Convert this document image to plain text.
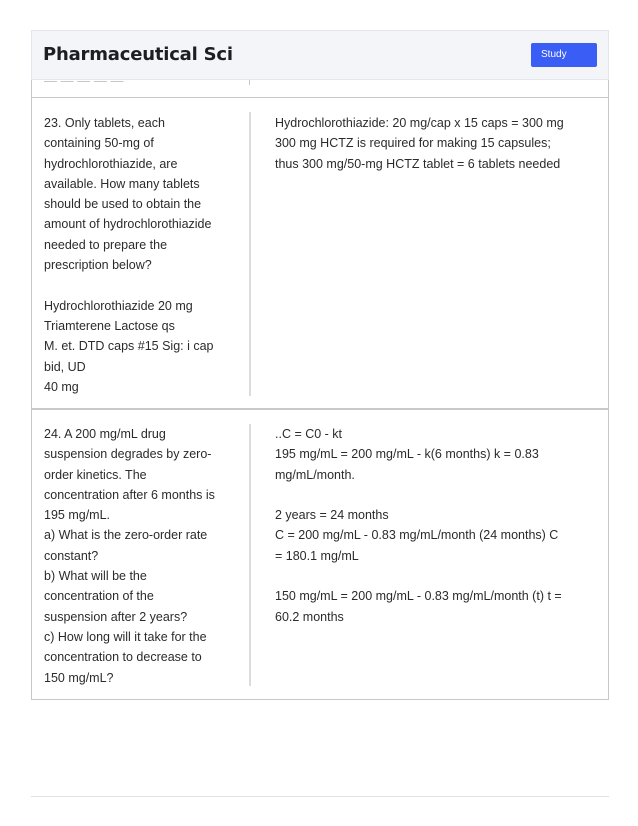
Pharmaceutical Sci	Study
— — — — —
23. Only tablets, each
containing 50-mg of
hydrochlorothiazide, are
available. How many tablets
should be used to obtain the
amount of hydrochlorothiazide
needed to prepare the
prescription below?
Hydrochlorothiazide 20 mg
Triamterene Lactose qs
M. et. DTD caps #15 Sig: i cap
bid, UD
40 mg
Hydrochlorothiazide: 20 mg/cap x 15 caps = 300 mg
300 mg HCTZ is required for making 15 capsules;
thus 300 mg/50-mg HCTZ tablet = 6 tablets needed
24. A 200 mg/mL drug
suspension degrades by zero-
order kinetics. The
concentration after 6 months is
195 mg/mL.
a) What is the zero-order rate
constant?
b) What will be the
concentration of the
suspension after 2 years?
c) How long will it take for the
concentration to decrease to
150 mg/mL?
..C = C0 - kt
195 mg/mL = 200 mg/mL - k(6 months) k = 0.83
mg/mL/month.
2 years = 24 months
C = 200 mg/mL - 0.83 mg/mL/month (24 months) C
= 180.1 mg/mL
150 mg/mL = 200 mg/mL - 0.83 mg/mL/month (t) t =
60.2 months
